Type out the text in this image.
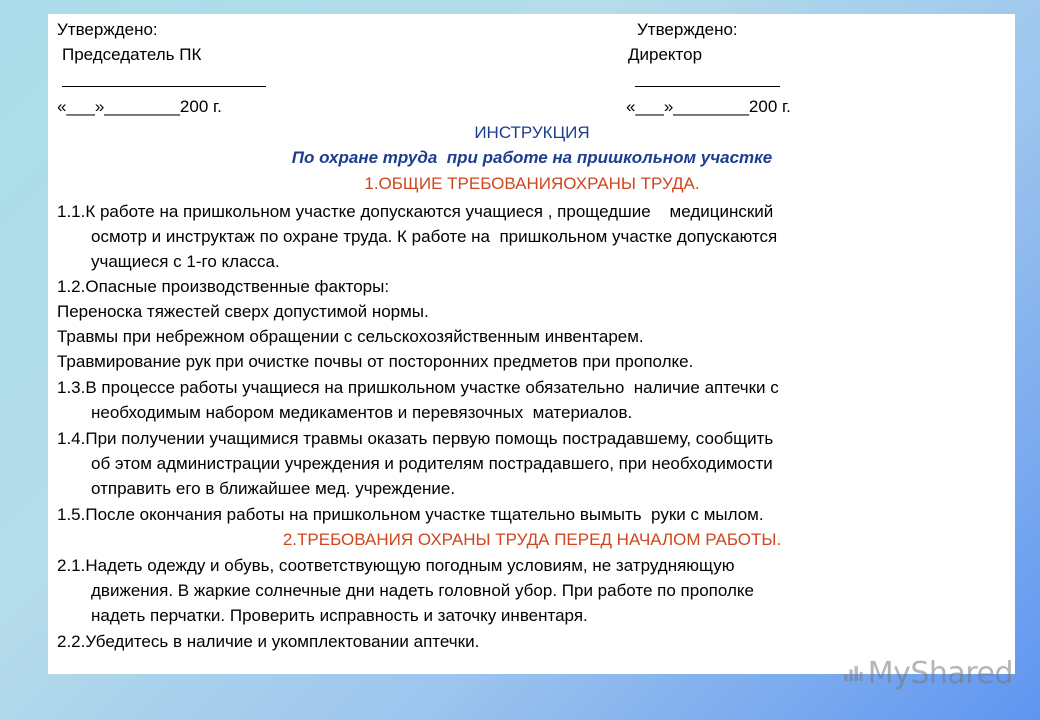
Утверждено:	Утверждено:

Председатель ПК	Директор

«___»________200 г.	«___»________200 г.

ИНСТРУКЦИЯ

По охране труда  при работе на пришкольном участке

1.ОБЩИЕ ТРЕБОВАНИЯОХРАНЫ ТРУДА.

1.1.К работе на пришкольном участке допускаются учащиеся , прощедшие    медицинский

осмотр и инструктаж по охране труда. К работе на  пришкольном участке допускаются

учащиеся с 1-го класса.

1.2.Опасные производственные факторы:

Переноска тяжестей сверх допустимой нормы.

Травмы при небрежном обращении с сельскохозяйственным инвентарем.

Травмирование рук при очистке почвы от посторонних предметов при прополке.

1.3.В процессе работы учащиеся на пришкольном участке обязательно  наличие аптечки с

необходимым набором медикаментов и перевязочных  материалов.

1.4.При получении учащимися травмы оказать первую помощь пострадавшему, сообщить

об этом администрации учреждения и родителям пострадавшего, при необходимости

отправить его в ближайшее мед. учреждение.

1.5.После окончания работы на пришкольном участке тщательно вымыть  руки с мылом.

2.ТРЕБОВАНИЯ ОХРАНЫ ТРУДА ПЕРЕД НАЧАЛОМ РАБОТЫ.

2.1.Надеть одежду и обувь, соответствующую погодным условиям, не затрудняющую

движения. В жаркие солнечные дни надеть головной убор. При работе по прополке

надеть перчатки. Проверить исправность и заточку инвентаря.

2.2.Убедитесь в наличие и укомплектовании аптечки.

MyShared
